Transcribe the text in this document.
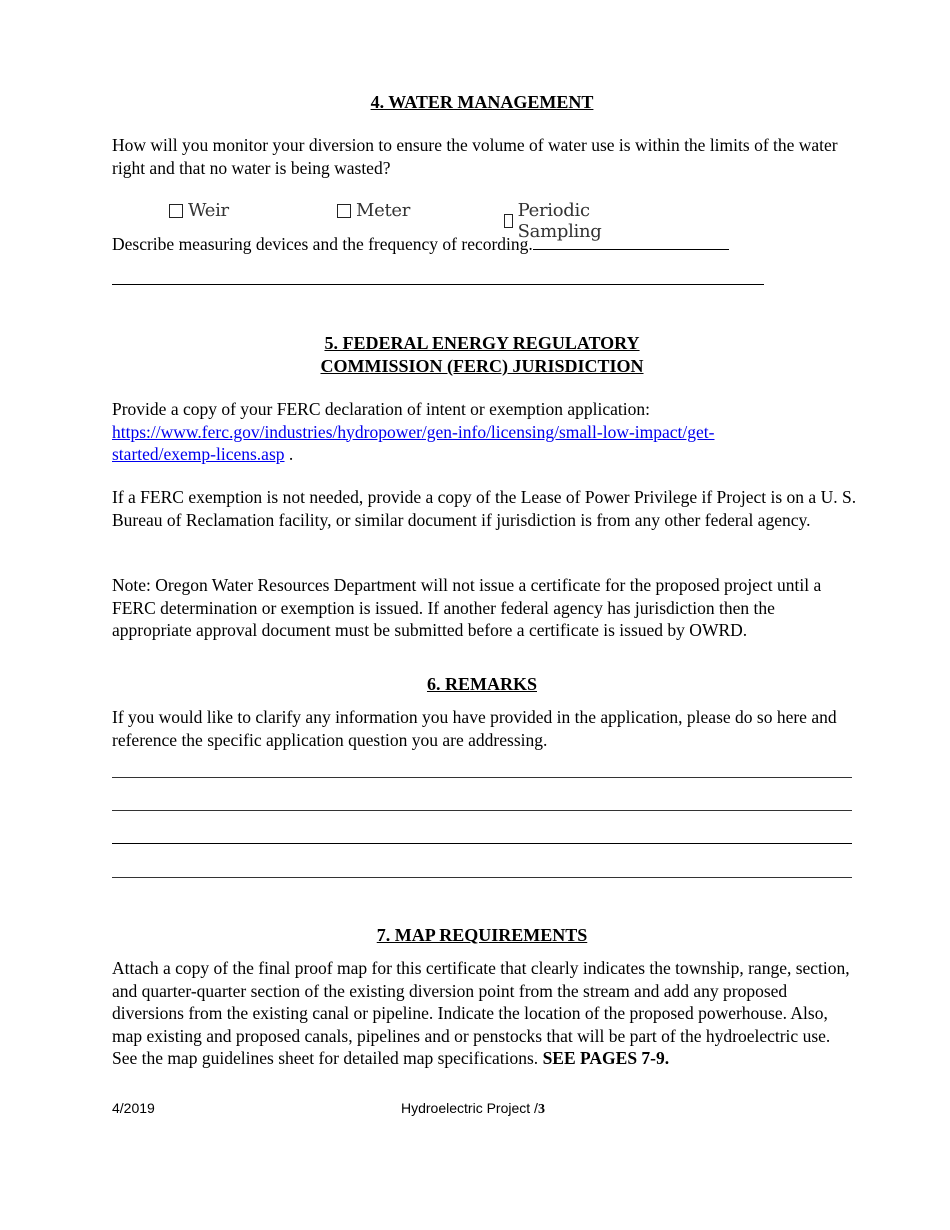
4. WATER MANAGEMENT

How will you monitor your diversion to ensure the volume of water use is within the limits of the water right and that no water is being wasted?

Weir	Meter	Periodic Sampling

Describe measuring devices and the frequency of recording.

5. FEDERAL ENERGY REGULATORY
COMMISSION (FERC) JURISDICTION

Provide a copy of your FERC declaration of intent or exemption application:
https://www.ferc.gov/industries/hydropower/gen-info/licensing/small-low-impact/get-
started/exemp-licens.asp .

If a FERC exemption is not needed, provide a copy of the Lease of Power Privilege if Project is on a U. S. Bureau of Reclamation facility, or similar document if jurisdiction is from any other federal agency.

Note: Oregon Water Resources Department will not issue a certificate for the proposed project until a FERC determination or exemption is issued. If another federal agency has jurisdiction then the appropriate approval document must be submitted before a certificate is issued by OWRD.

6. REMARKS

If you would like to clarify any information you have provided in the application, please do so here and reference the specific application question you are addressing.

7. MAP REQUIREMENTS

Attach a copy of the final proof map for this certificate that clearly indicates the township, range, section, and quarter-quarter section of the existing diversion point from the stream and add any proposed diversions from the existing canal or pipeline. Indicate the location of the proposed powerhouse. Also, map existing and proposed canals, pipelines and or penstocks that will be part of the hydroelectric use. See the map guidelines sheet for detailed map specifications. SEE PAGES 7-9.

4/2019	Hydroelectric Project /3
